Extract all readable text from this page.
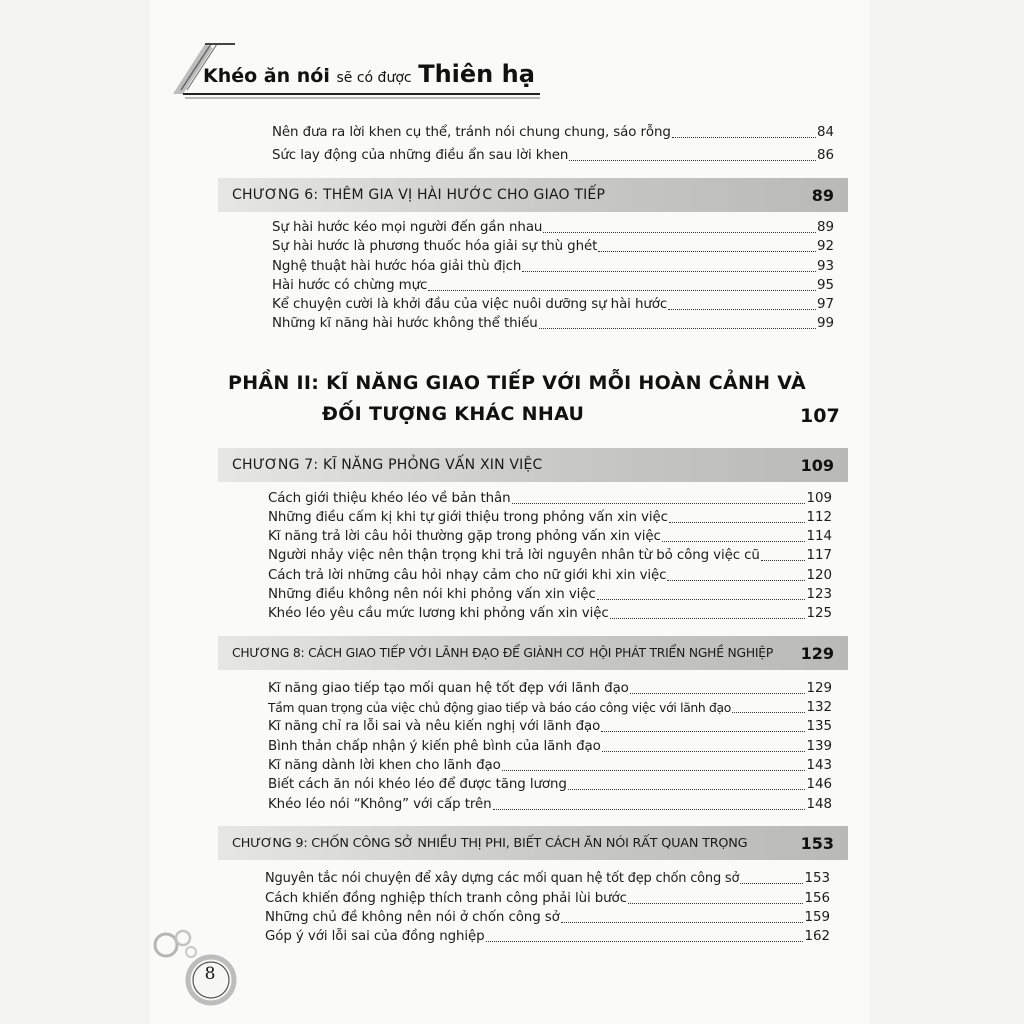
Khéo ăn nói sẽ có được Thiên hạ
Nên đưa ra lời khen cụ thể, tránh nói chung chung, sáo rỗng	84
Sức lay động của những điều ẩn sau lời khen	86
CHƯƠNG 6: THÊM GIA VỊ HÀI HƯỚC CHO GIAO TIẾP	89
Sự hài hước kéo mọi người đến gần nhau	89
Sự hài hước là phương thuốc hóa giải sự thù ghét	92
Nghệ thuật hài hước hóa giải thù địch	93
Hài hước có chừng mực	95
Kể chuyện cười là khởi đầu của việc nuôi dưỡng sự hài hước	97
Những kĩ năng hài hước không thể thiếu	99
PHẦN II: KĨ NĂNG GIAO TIẾP VỚI MỖI HOÀN CẢNH VÀ
ĐỐI TƯỢNG KHÁC NHAU	107
CHƯƠNG 7: KĨ NĂNG PHỎNG VẤN XIN VIỆC	109
Cách giới thiệu khéo léo về bản thân	109
Những điều cấm kị khi tự giới thiệu trong phỏng vấn xin việc	112
Kĩ năng trả lời câu hỏi thường gặp trong phỏng vấn xin việc	114
Người nhảy việc nên thận trọng khi trả lời nguyên nhân từ bỏ công việc cũ	117
Cách trả lời những câu hỏi nhạy cảm cho nữ giới khi xin việc	120
Những điều không nên nói khi phỏng vấn xin việc	123
Khéo léo yêu cầu mức lương khi phỏng vấn xin việc	125
CHƯƠNG 8: CÁCH GIAO TIẾP VỚI LÃNH ĐẠO ĐỂ GIÀNH CƠ HỘI PHÁT TRIỂN NGHỀ NGHIỆP 129
Kĩ năng giao tiếp tạo mối quan hệ tốt đẹp với lãnh đạo	129
Tầm quan trọng của việc chủ động giao tiếp và báo cáo công việc với lãnh đạo	132
Kĩ năng chỉ ra lỗi sai và nêu kiến nghị với lãnh đạo	135
Bình thản chấp nhận ý kiến phê bình của lãnh đạo	139
Kĩ năng dành lời khen cho lãnh đạo	143
Biết cách ăn nói khéo léo để được tăng lương	146
Khéo léo nói “Không” với cấp trên	148
CHƯƠNG 9: CHỐN CÔNG SỞ NHIỀU THỊ PHI, BIẾT CÁCH ĂN NÓI RẤT QUAN TRỌNG	153
Nguyên tắc nói chuyện để xây dựng các mối quan hệ tốt đẹp chốn công sở	153
Cách khiến đồng nghiệp thích tranh công phải lùi bước	156
Những chủ đề không nên nói ở chốn công sở	159
Góp ý với lỗi sai của đồng nghiệp	162
8
